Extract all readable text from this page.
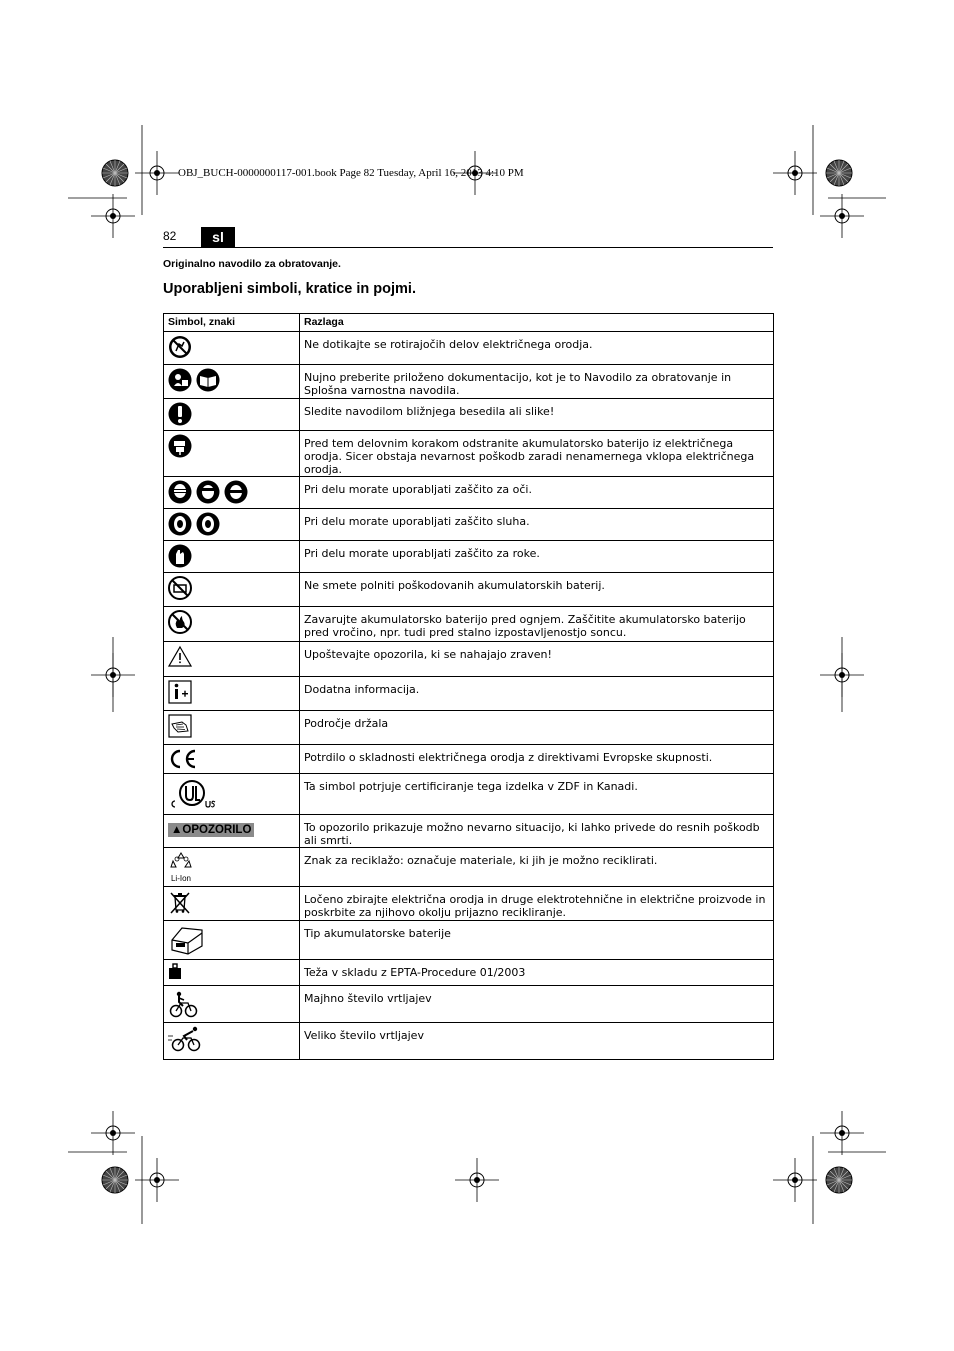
OBJ_BUCH-0000000117-001.book Page 82 Tuesday, April 16, 2013 4:10 PM
82	sl
Originalno navodilo za obratovanje.
Uporabljeni simboli, kratice in pojmi.
Simbol, znaki	Razlaga
	Ne dotikajte se rotirajočih delov električnega orodja.
	Nujno preberite priloženo dokumentacijo, kot je to Navodilo za obratovanje in Splošna varnostna navodila.
	Sledite navodilom bližnjega besedila ali slike!
	Pred tem delovnim korakom odstranite akumulatorsko baterijo iz električnega orodja. Sicer obstaja nevarnost poškodb zaradi nenamernega vklopa električnega orodja.
	Pri delu morate uporabljati zaščito za oči.
	Pri delu morate uporabljati zaščito sluha.
	Pri delu morate uporabljati zaščito za roke.
	Ne smete polniti poškodovanih akumulatorskih baterij.
	Zavarujte akumulatorsko baterijo pred ognjem. Zaščitite akumulatorsko baterijo pred vročino, npr. tudi pred stalno izpostavljenostjo soncu.
	Upoštevajte opozorila, ki se nahajajo zraven!
	Dodatna informacija.
	Področje držala
	Potrdilo o skladnosti električnega orodja z direktivami Evropske skupnosti.
	Ta simbol potrjuje certificiranje tega izdelka v ZDF in Kanadi.
▲OPOZORILO	To opozorilo prikazuje možno nevarno situacijo, ki lahko privede do resnih poškodb ali smrti.

Li-Ion	Znak za reciklažo: označuje materiale, ki jih je možno reciklirati.
	Ločeno zbirajte električna orodja in druge elektrotehnične in električne proizvode in poskrbite za njihovo okolju prijazno recikliranje.
	Tip akumulatorske baterije
	Teža v skladu z EPTA-Procedure 01/2003
	Majhno število vrtljajev
	Veliko število vrtljajev
